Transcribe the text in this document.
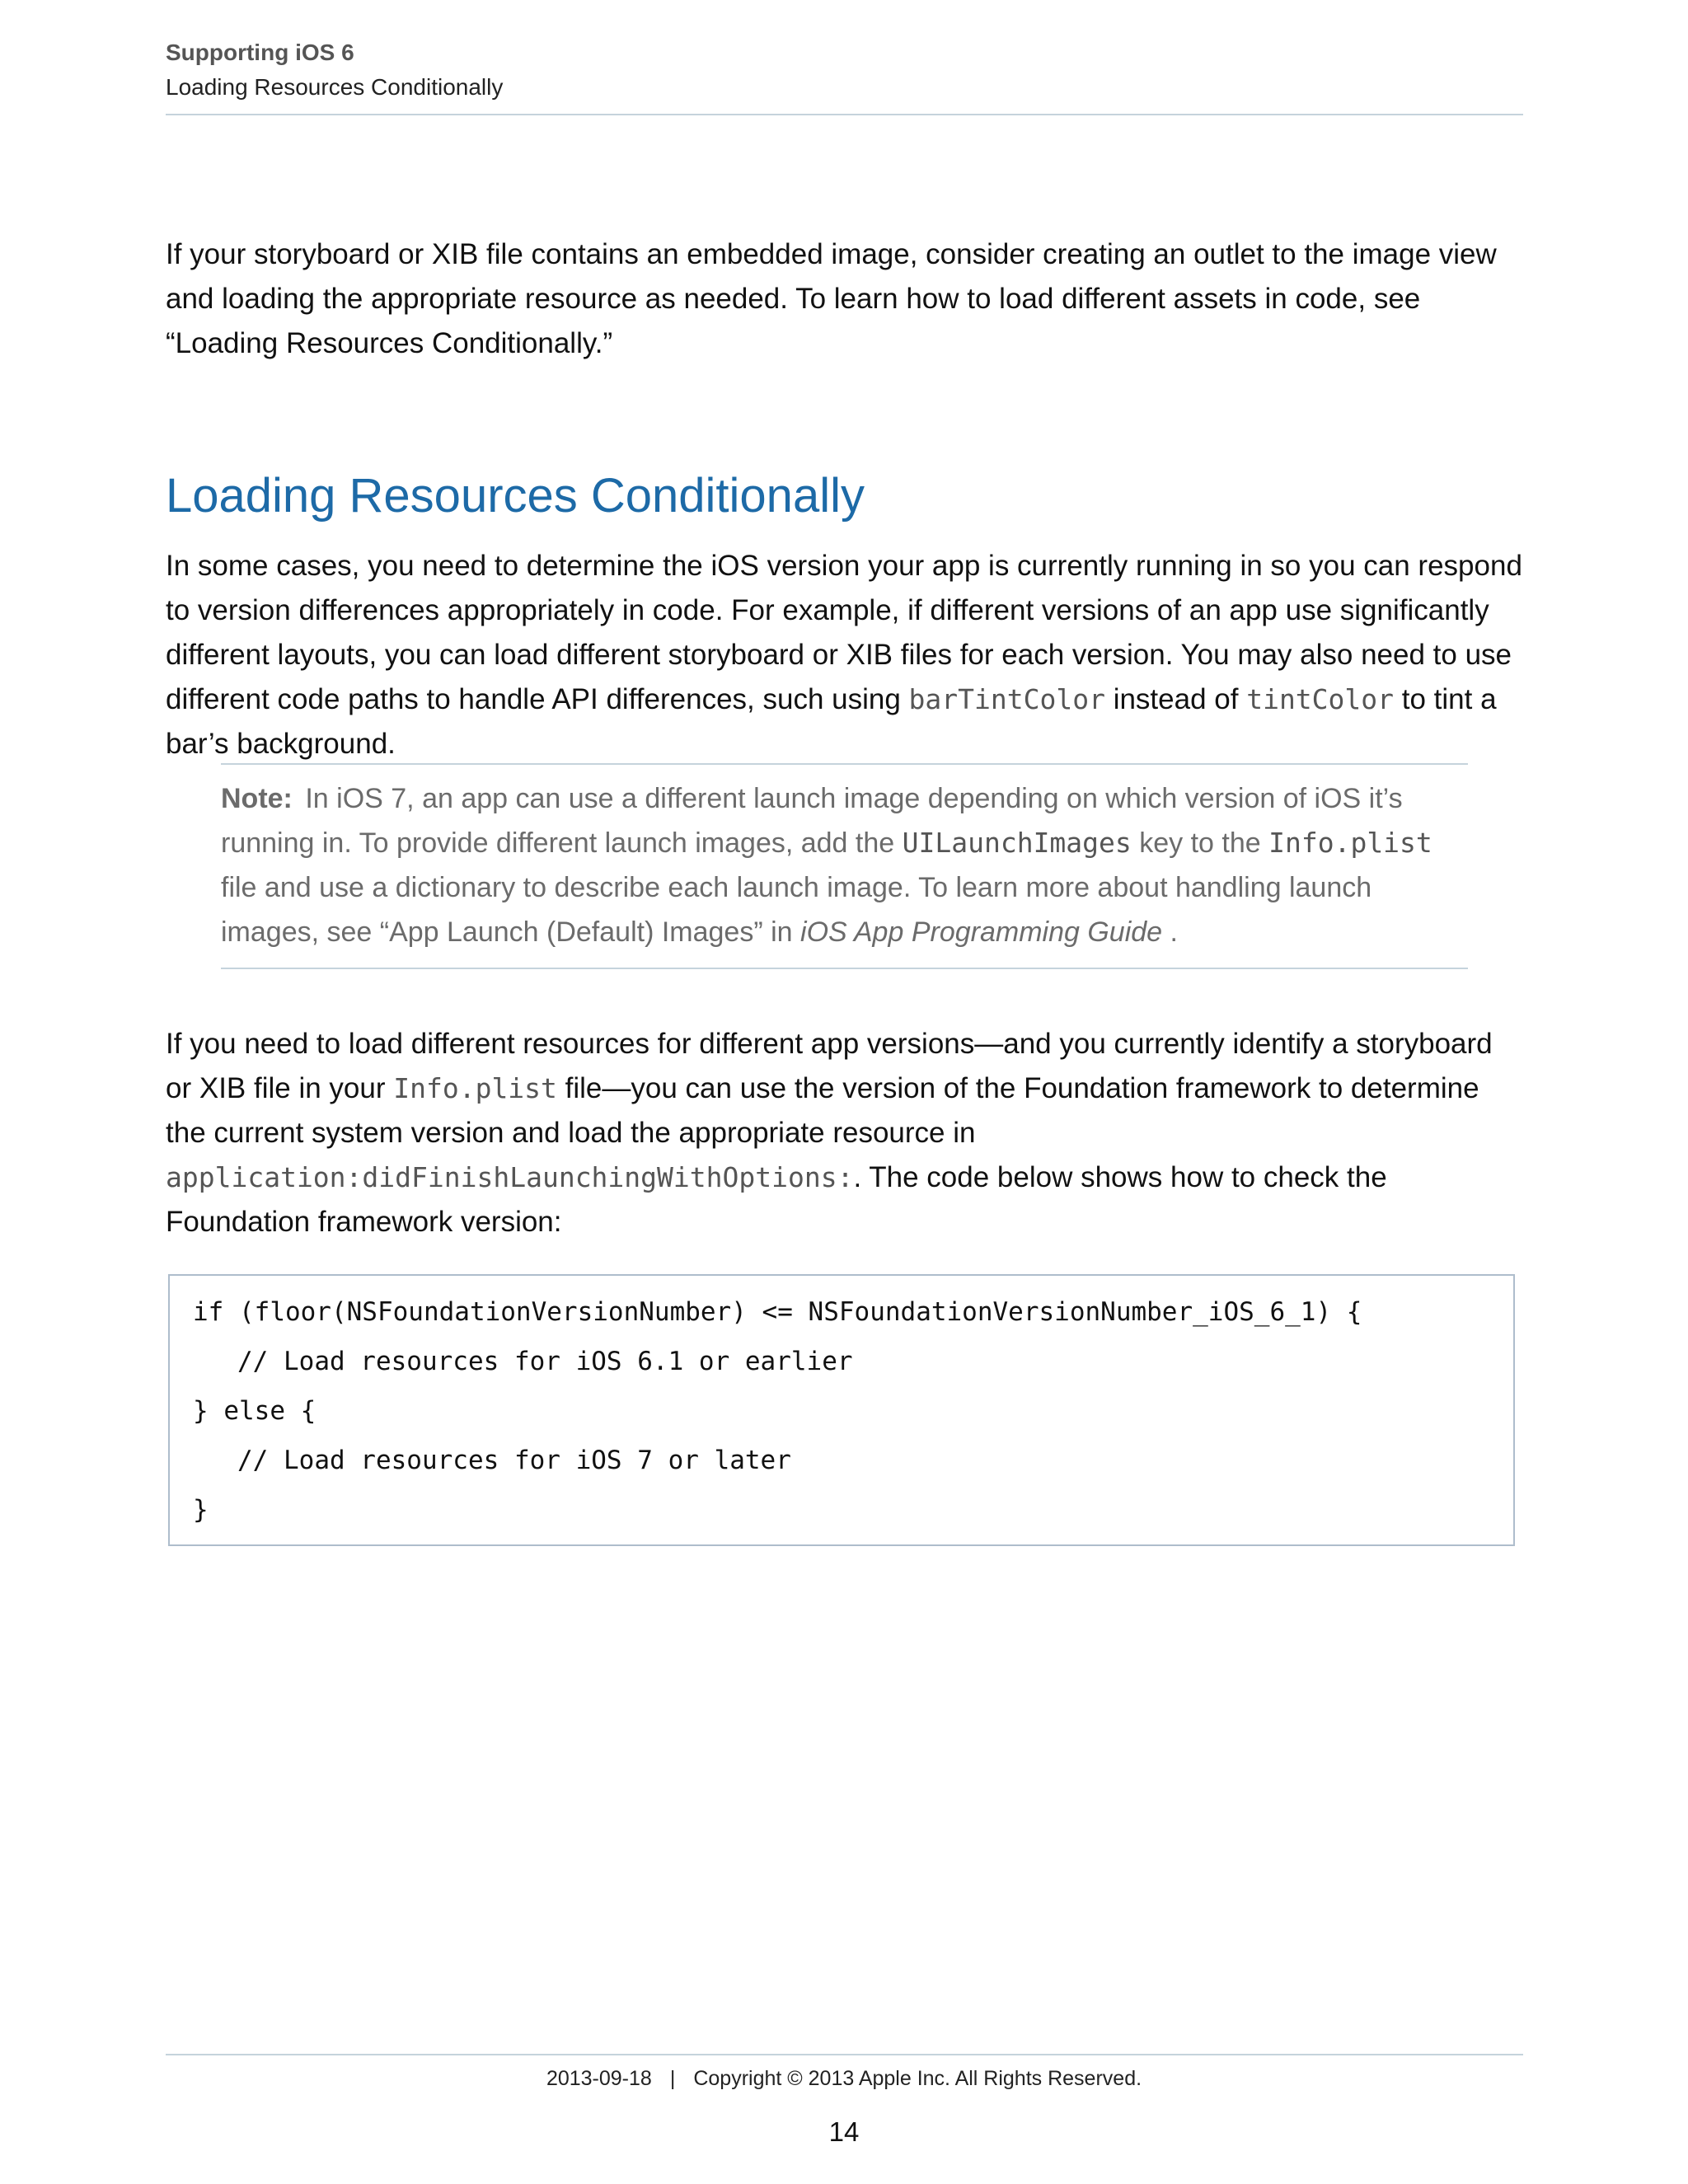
Supporting iOS 6
Loading Resources Conditionally

If your storyboard or XIB file contains an embedded image, consider creating an outlet to the image view and loading the appropriate resource as needed. To learn how to load different assets in code, see “Loading Resources Conditionally.”

Loading Resources Conditionally

In some cases, you need to determine the iOS version your app is currently running in so you can respond to version differences appropriately in code. For example, if different versions of an app use significantly different layouts, you can load different storyboard or XIB files for each version. You may also need to use different code paths to handle API differences, such using barTintColor instead of tintColor to tint a bar’s background.

Note: In iOS 7, an app can use a different launch image depending on which version of iOS it’s running in. To provide different launch images, add the UILaunchImages key to the Info.plist file and use a dictionary to describe each launch image. To learn more about handling launch images, see “App Launch (Default) Images” in iOS App Programming Guide .

If you need to load different resources for different app versions—and you currently identify a storyboard or XIB file in your Info.plist file—you can use the version of the Foundation framework to determine the current system version and load the appropriate resource in application:didFinishLaunchingWithOptions:. The code below shows how to check the Foundation framework version:

if (floor(NSFoundationVersionNumber) <= NSFoundationVersionNumber_iOS_6_1) {
// Load resources for iOS 6.1 or earlier
} else {
// Load resources for iOS 7 or later
}
2013-09-18 | Copyright © 2013 Apple Inc. All Rights Reserved.
14
